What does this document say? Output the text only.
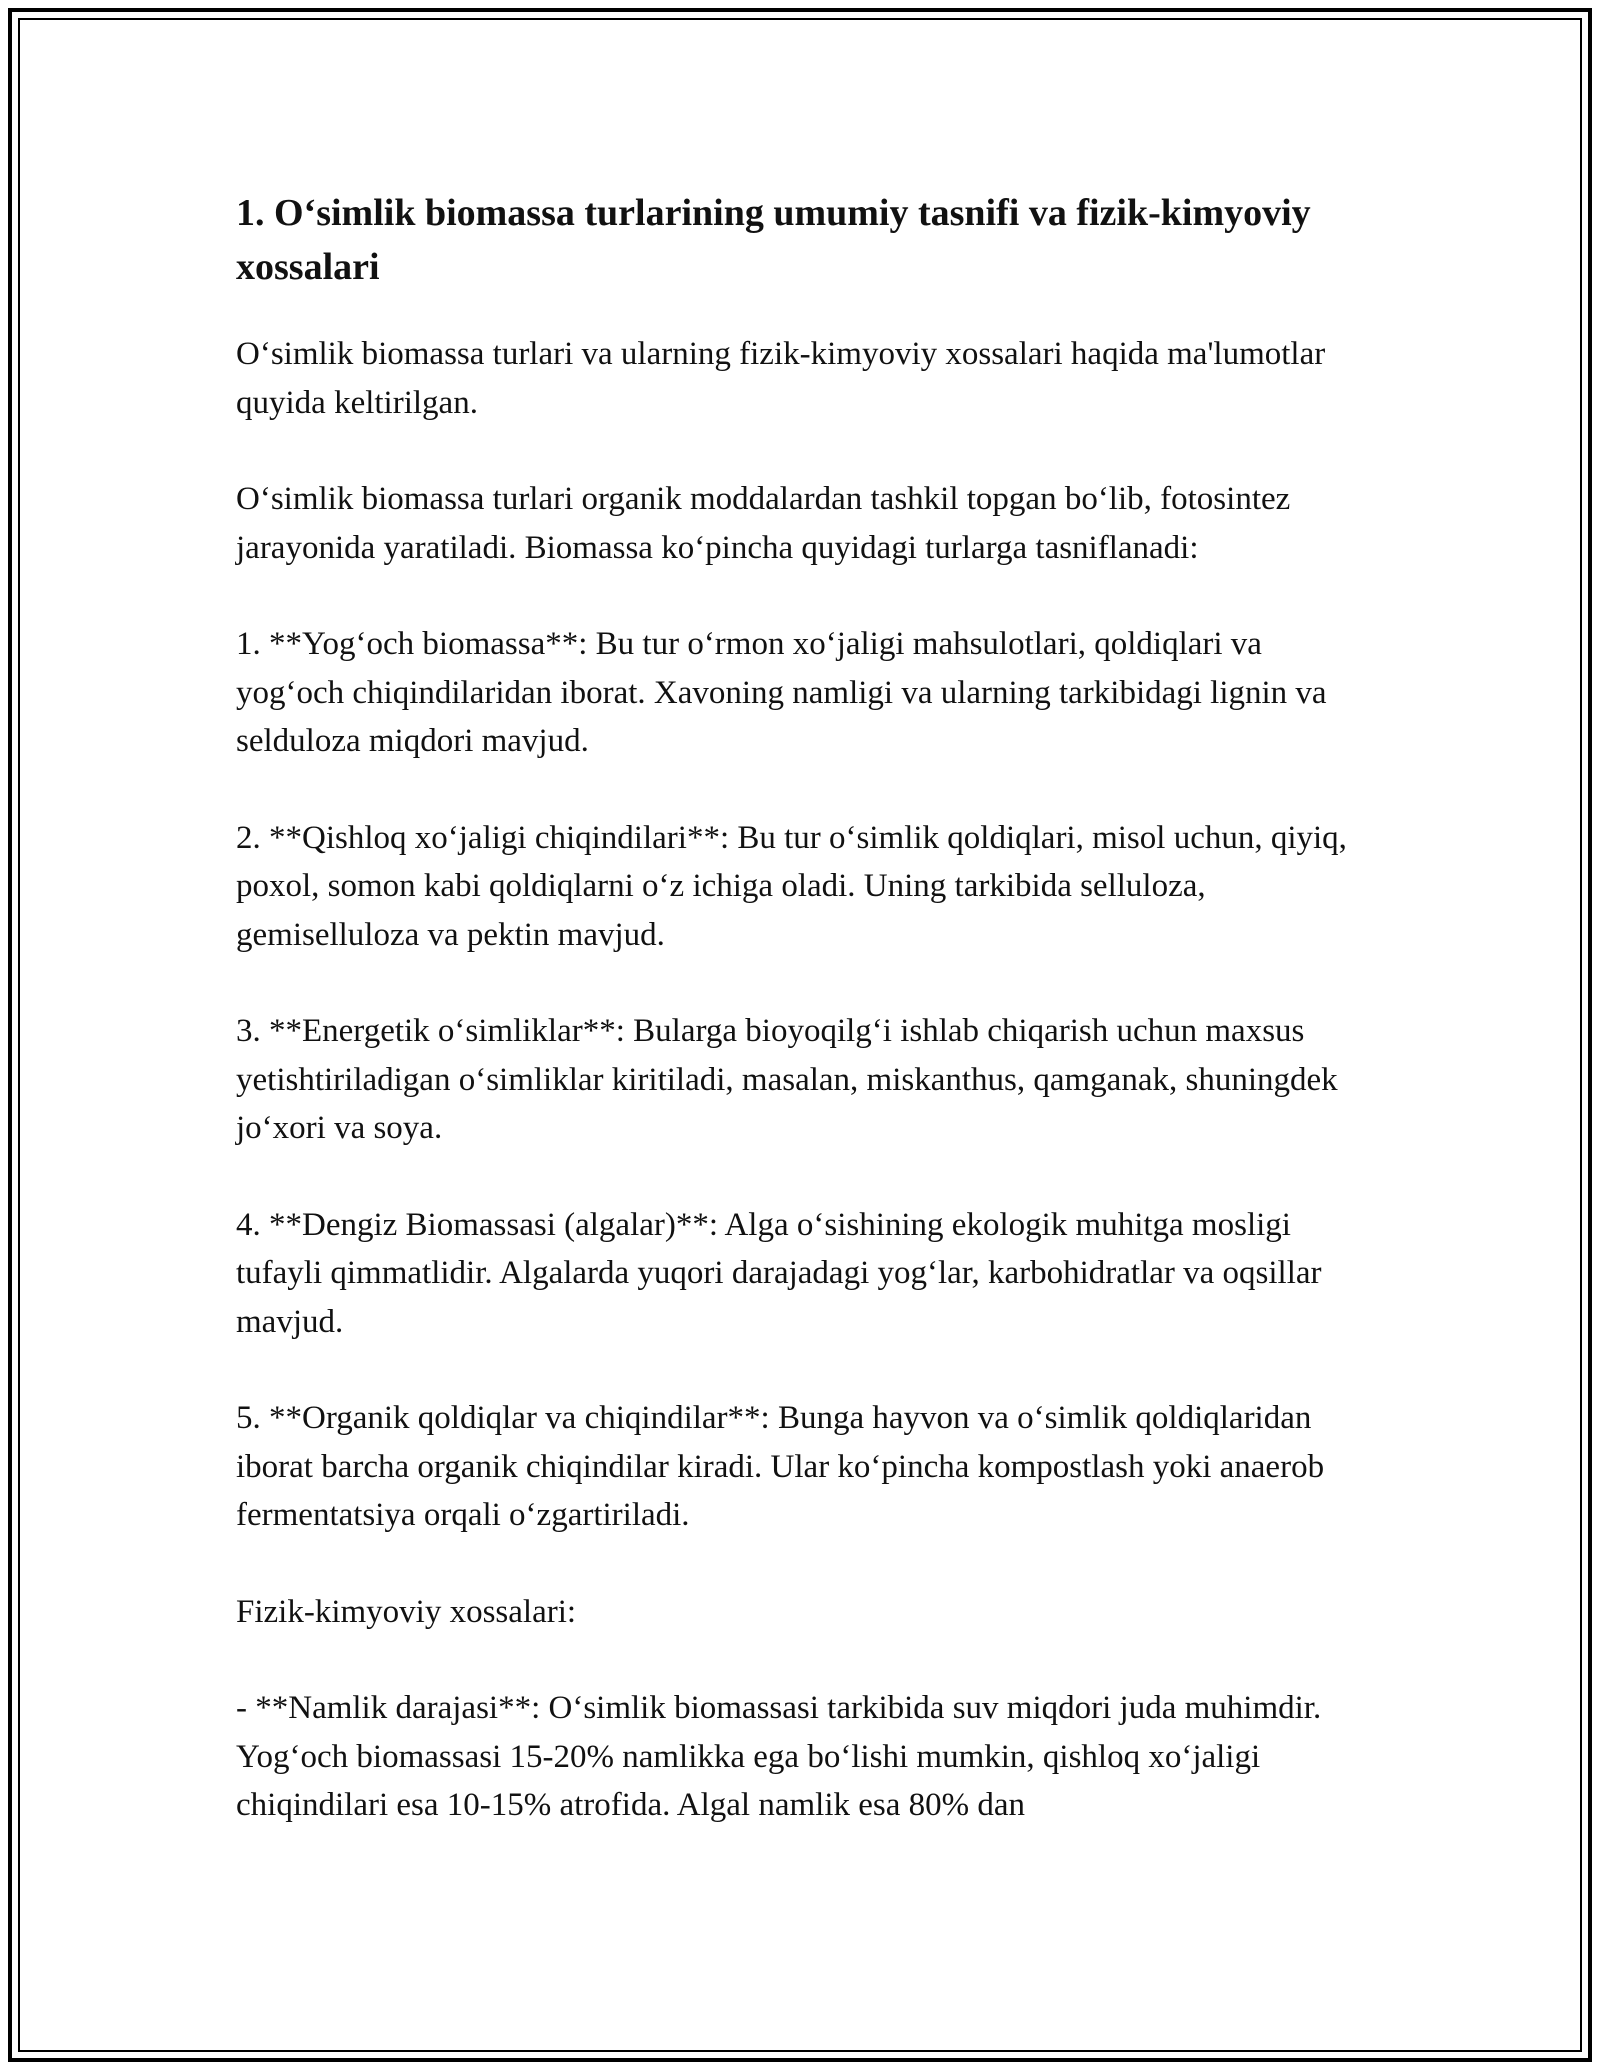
1. O‘simlik biomassa turlarining umumiy tasnifi va fizik-kimyoviy xossalari

O‘simlik biomassa turlari va ularning fizik-kimyoviy xossalari haqida ma'lumotlar quyida keltirilgan.

O‘simlik biomassa turlari organik moddalardan tashkil topgan bo‘lib, fotosintez jarayonida yaratiladi. Biomassa ko‘pincha quyidagi turlarga tasniflanadi:

1. **Yog‘och biomassa**: Bu tur o‘rmon xo‘jaligi mahsulotlari, qoldiqlari va yog‘och chiqindilaridan iborat. Xavoning namligi va ularning tarkibidagi lignin va selduloza miqdori mavjud.

2. **Qishloq xo‘jaligi chiqindilari**: Bu tur o‘simlik qoldiqlari, misol uchun, qiyiq, poxol, somon kabi qoldiqlarni o‘z ichiga oladi. Uning tarkibida selluloza, gemiselluloza va pektin mavjud.

3. **Energetik o‘simliklar**: Bularga bioyoqilg‘i ishlab chiqarish uchun maxsus yetishtiriladigan o‘simliklar kiritiladi, masalan, miskanthus, qamganak, shuningdek jo‘xori va soya.

4. **Dengiz Biomassasi (algalar)**: Alga o‘sishining ekologik muhitga mosligi tufayli qimmatlidir. Algalarda yuqori darajadagi yog‘lar, karbohidratlar va oqsillar mavjud.

5. **Organik qoldiqlar va chiqindilar**: Bunga hayvon va o‘simlik qoldiqlaridan iborat barcha organik chiqindilar kiradi. Ular ko‘pincha kompostlash yoki anaerob fermentatsiya orqali o‘zgartiriladi.

Fizik-kimyoviy xossalari:

- **Namlik darajasi**: O‘simlik biomassasi tarkibida suv miqdori juda muhimdir. Yog‘och biomassasi 15-20% namlikka ega bo‘lishi mumkin, qishloq xo‘jaligi chiqindilari esa 10-15% atrofida. Algal namlik esa 80% dan
